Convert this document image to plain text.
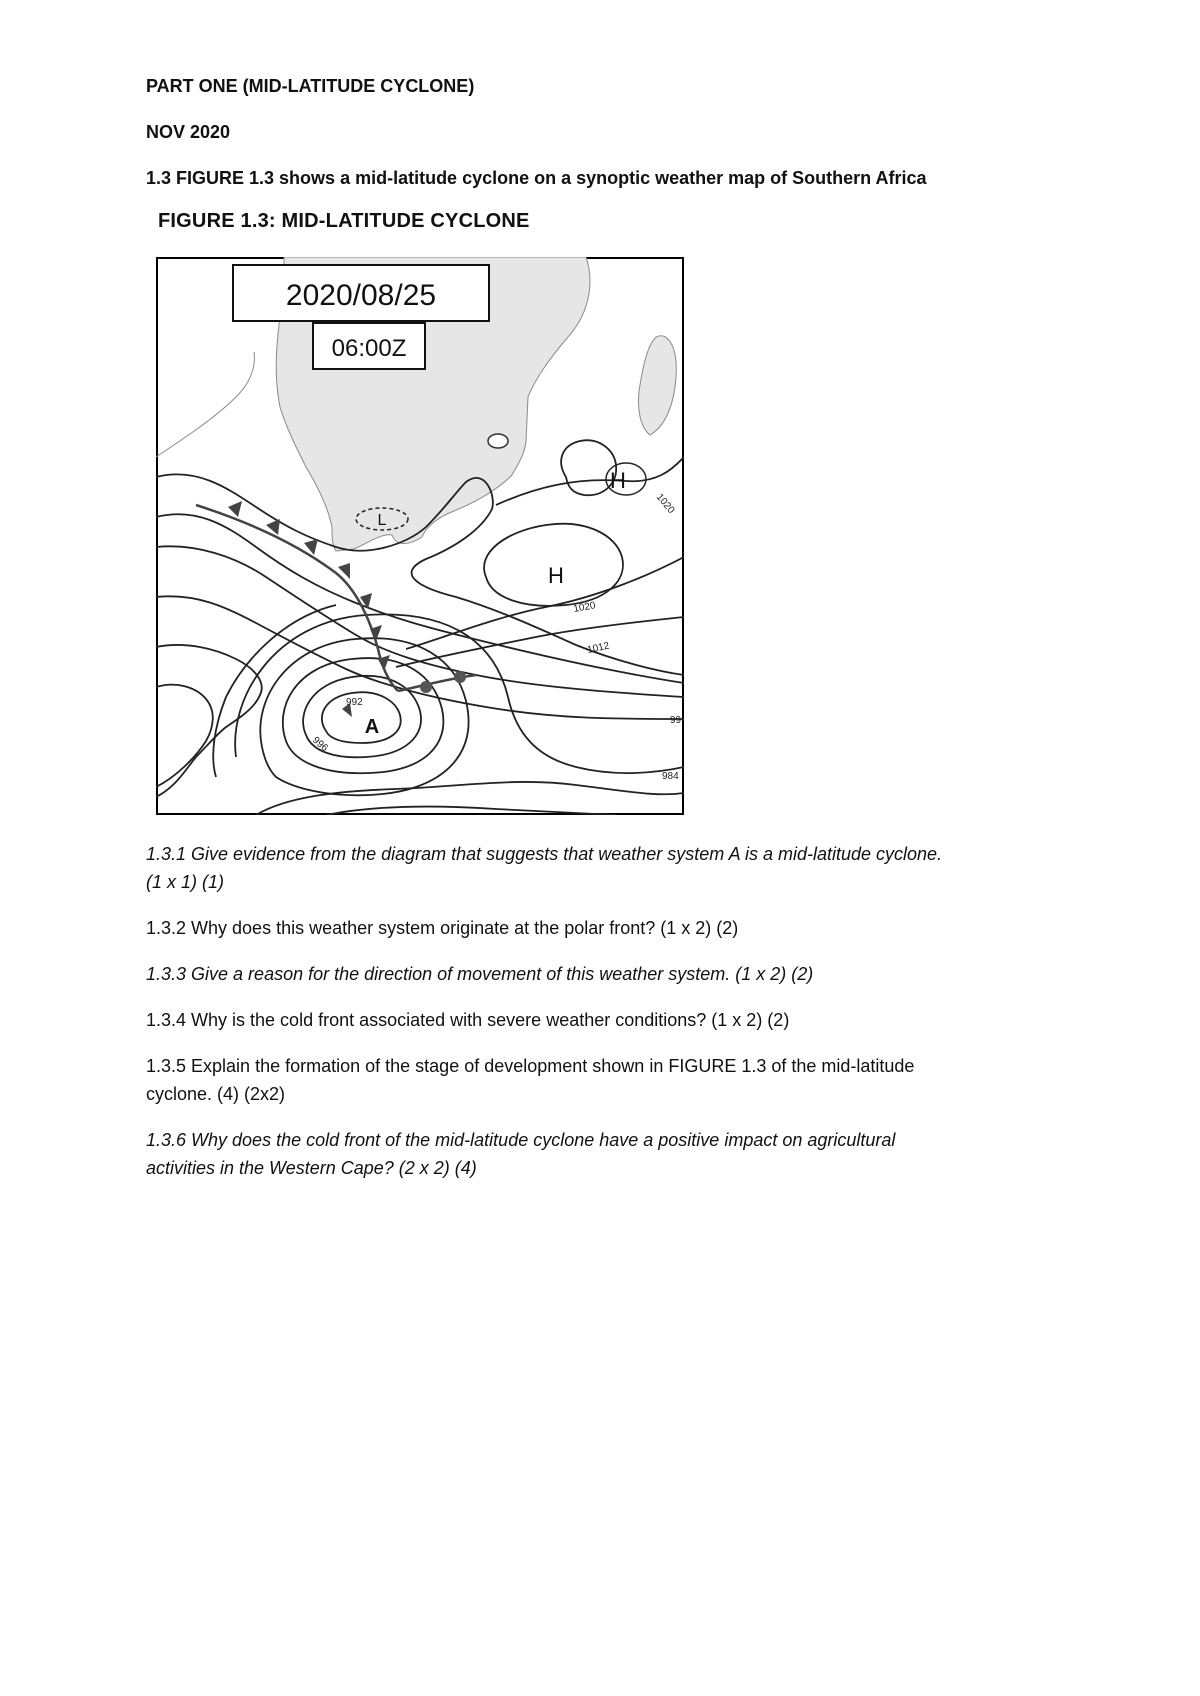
PART ONE (MID-LATITUDE CYCLONE)

NOV 2020

1.3 FIGURE 1.3 shows a mid-latitude cyclone on a synoptic weather map of Southern Africa

FIGURE 1.3: MID-LATITUDE CYCLONE

2020/08/25
06:00Z
H
H
L
A
1020
1020
1012
992
996
984
99

1.3.1 Give evidence from the diagram that suggests that weather system A is a mid-latitude cyclone.

(1 x 1) (1)

1.3.2 Why does this weather system originate at the polar front? (1 x 2) (2)

1.3.3 Give a reason for the direction of movement of this weather system. (1 x 2) (2)

1.3.4 Why is the cold front associated with severe weather conditions? (1 x 2) (2)

1.3.5 Explain the formation of the stage of development shown in FIGURE 1.3 of the mid-latitude

cyclone. (4) (2x2)

1.3.6 Why does the cold front of the mid-latitude cyclone have a positive impact on agricultural

activities in the Western Cape? (2 x 2) (4)
